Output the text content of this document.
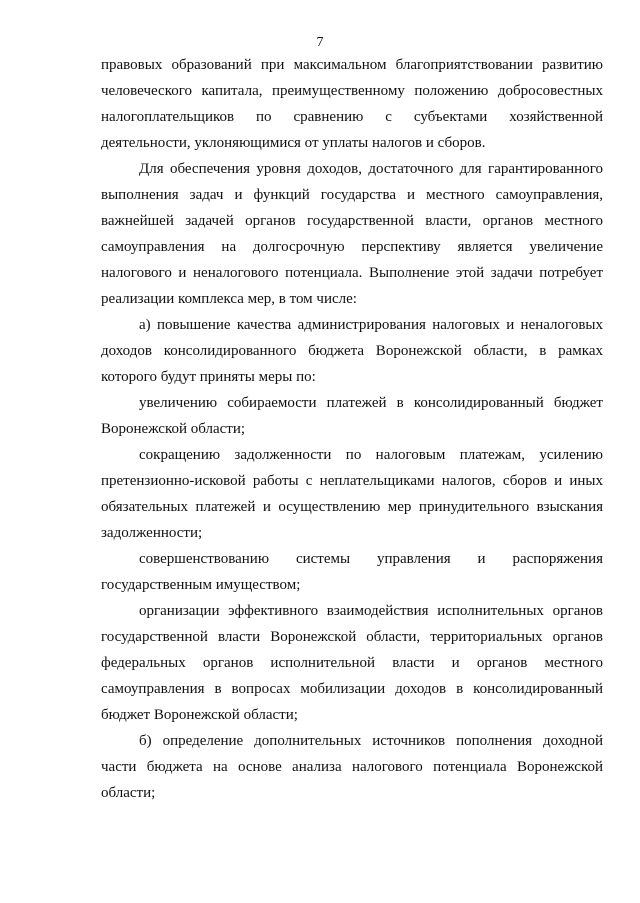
7

правовых образований при максимальном благоприятствовании развитию человеческого капитала, преимущественному положению добросовестных налогоплательщиков по сравнению с субъектами хозяйственной деятельности, уклоняющимися от уплаты налогов и сборов.

Для обеспечения уровня доходов, достаточного для гарантированного выполнения задач и функций государства и местного самоуправления, важнейшей задачей органов государственной власти, органов местного самоуправления на долгосрочную перспективу является увеличение налогового и неналогового потенциала. Выполнение этой задачи потребует реализации комплекса мер, в том числе:

а) повышение качества администрирования налоговых и неналоговых доходов консолидированного бюджета Воронежской области, в рамках которого будут приняты меры по:

увеличению собираемости платежей в консолидированный бюджет Воронежской области;

сокращению задолженности по налоговым платежам, усилению претензионно-исковой работы с неплательщиками налогов, сборов и иных обязательных платежей и осуществлению мер принудительного взыскания задолженности;

совершенствованию системы управления и распоряжения государственным имуществом;

организации эффективного взаимодействия исполнительных органов государственной власти Воронежской области, территориальных органов федеральных органов исполнительной власти и органов местного самоуправления в вопросах мобилизации доходов в консолидированный бюджет Воронежской области;

б) определение дополнительных источников пополнения доходной части бюджета на основе анализа налогового потенциала Воронежской области;
